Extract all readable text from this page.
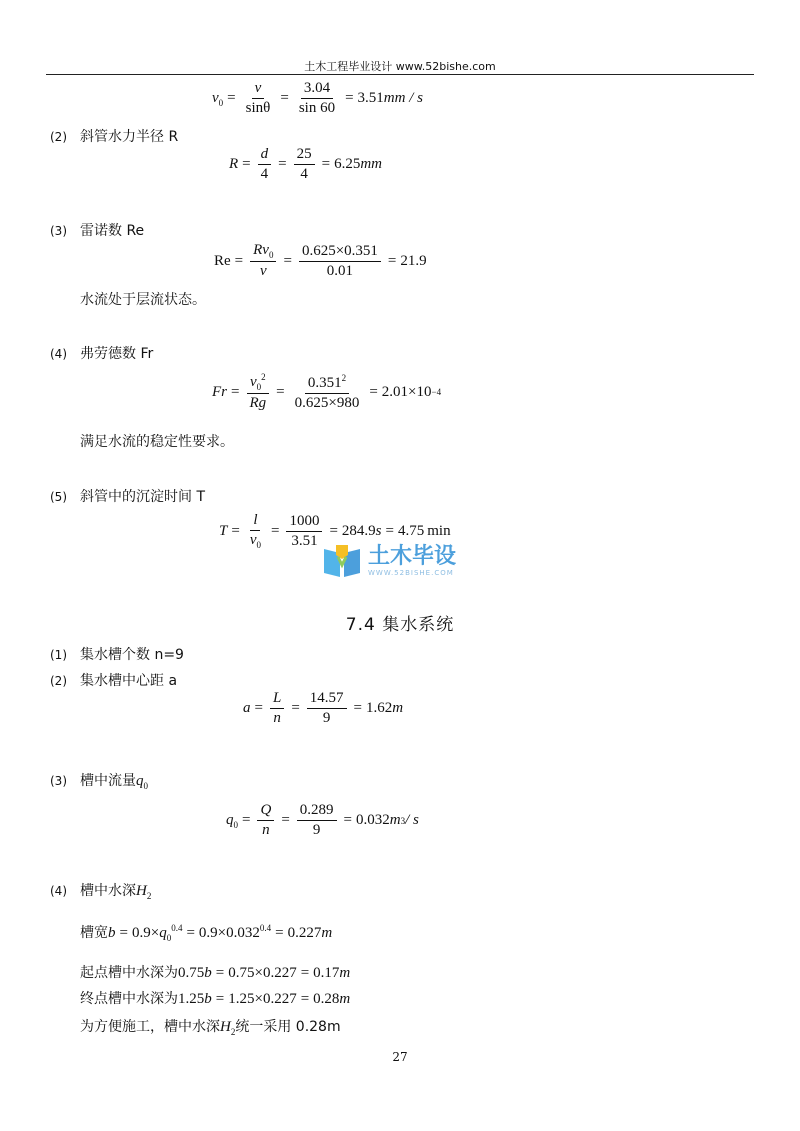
土木工程毕业设计 www.52bishe.com
$v_0 = \frac{v}{\sin\theta} = \frac{3.04}{\sin 60} = 3.51$ mm / s
(2) 斜管水力半径 R
$R = \frac{d}{4} = \frac{25}{4} = 6.25$ mm
(3) 雷诺数 Re
$Re = \frac{Rv_0}{\nu} = \frac{0.625\times 0.351}{0.01} = 21.9$
水流处于层流状态。
(4) 弗劳德数 Fr
$Fr = \frac{v_0^2}{Rg} = \frac{0.351^2}{0.625\times 980} = 2.01\times 10 -4$
满足水流的稳定性要求。
(5) 斜管中的沉淀时间 T
$T = \frac{l}{v_0} = \frac{1000}{3.51} = 284.9$ s = 4.75 min
土木毕设
WWW.52BISHE.COM
7.4 集水系统
(1) 集水槽个数 n=9
(2) 集水槽中心距 a
$a = \frac{L}{n} = \frac{14.57}{9} = 1.62$ m
(3) 槽中流量$q_0$
$q_0 = \frac{Q}{n} = \frac{0.289}{9} = 0.032$ m 3 / s
(4) 槽中水深$H_2$
槽宽$b = 0.9\times q_0^{0.4} = 0.9\times 0.032^{0.4} = 0.227m$
起点槽中水深为0.75b = 0.75×0.227 = 0.17m
终点槽中水深为1.25b = 1.25×0.227 = 0.28m
为方便施工，槽中水深$H_2$统一采用 0.28m
27
